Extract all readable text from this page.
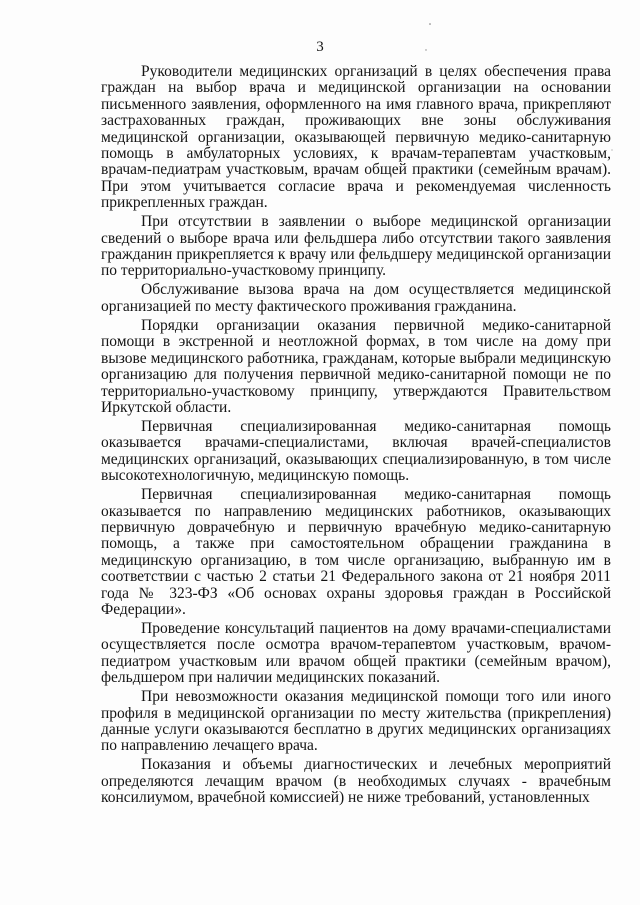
3

Руководители медицинских организаций в целях обеспечения права граждан на выбор врача и медицинской организации на основании письменного заявления, оформленного на имя главного врача, прикрепляют застрахованных граждан, проживающих вне зоны обслуживания медицинской организации, оказывающей первичную медико-санитарную помощь в амбулаторных условиях, к врачам-терапевтам участковым, врачам-педиатрам участковым, врачам общей практики (семейным врачам). При этом учитывается согласие врача и рекомендуемая численность прикрепленных граждан.

При отсутствии в заявлении о выборе медицинской организации сведений о выборе врача или фельдшера либо отсутствии такого заявления гражданин прикрепляется к врачу или фельдшеру медицинской организации по территориально-участковому принципу.

Обслуживание вызова врача на дом осуществляется медицинской организацией по месту фактического проживания гражданина.

Порядки организации оказания первичной медико-санитарной помощи в экстренной и неотложной формах, в том числе на дому при вызове медицинского работника, гражданам, которые выбрали медицинскую организацию для получения первичной медико-санитарной помощи не по территориально-участковому принципу, утверждаются Правительством Иркутской области.

Первичная специализированная медико-санитарная помощь оказывается врачами-специалистами, включая врачей-специалистов медицинских организаций, оказывающих специализированную, в том числе высокотехнологичную, медицинскую помощь.

Первичная специализированная медико-санитарная помощь оказывается по направлению медицинских работников, оказывающих первичную доврачебную и первичную врачебную медико-санитарную помощь, а также при самостоятельном обращении гражданина в медицинскую организацию, в том числе организацию, выбранную им в соответствии с частью 2 статьи 21 Федерального закона от 21 ноября 2011 года № 323-ФЗ «Об основах охраны здоровья граждан в Российской Федерации».

Проведение консультаций пациентов на дому врачами-специалистами осуществляется после осмотра врачом-терапевтом участковым, врачом-педиатром участковым или врачом общей практики (семейным врачом), фельдшером при наличии медицинских показаний.

При невозможности оказания медицинской помощи того или иного профиля в медицинской организации по месту жительства (прикрепления) данные услуги оказываются бесплатно в других медицинских организациях по направлению лечащего врача.

Показания и объемы диагностических и лечебных мероприятий определяются лечащим врачом (в необходимых случаях - врачебным консилиумом, врачебной комиссией) не ниже требований, установленных
